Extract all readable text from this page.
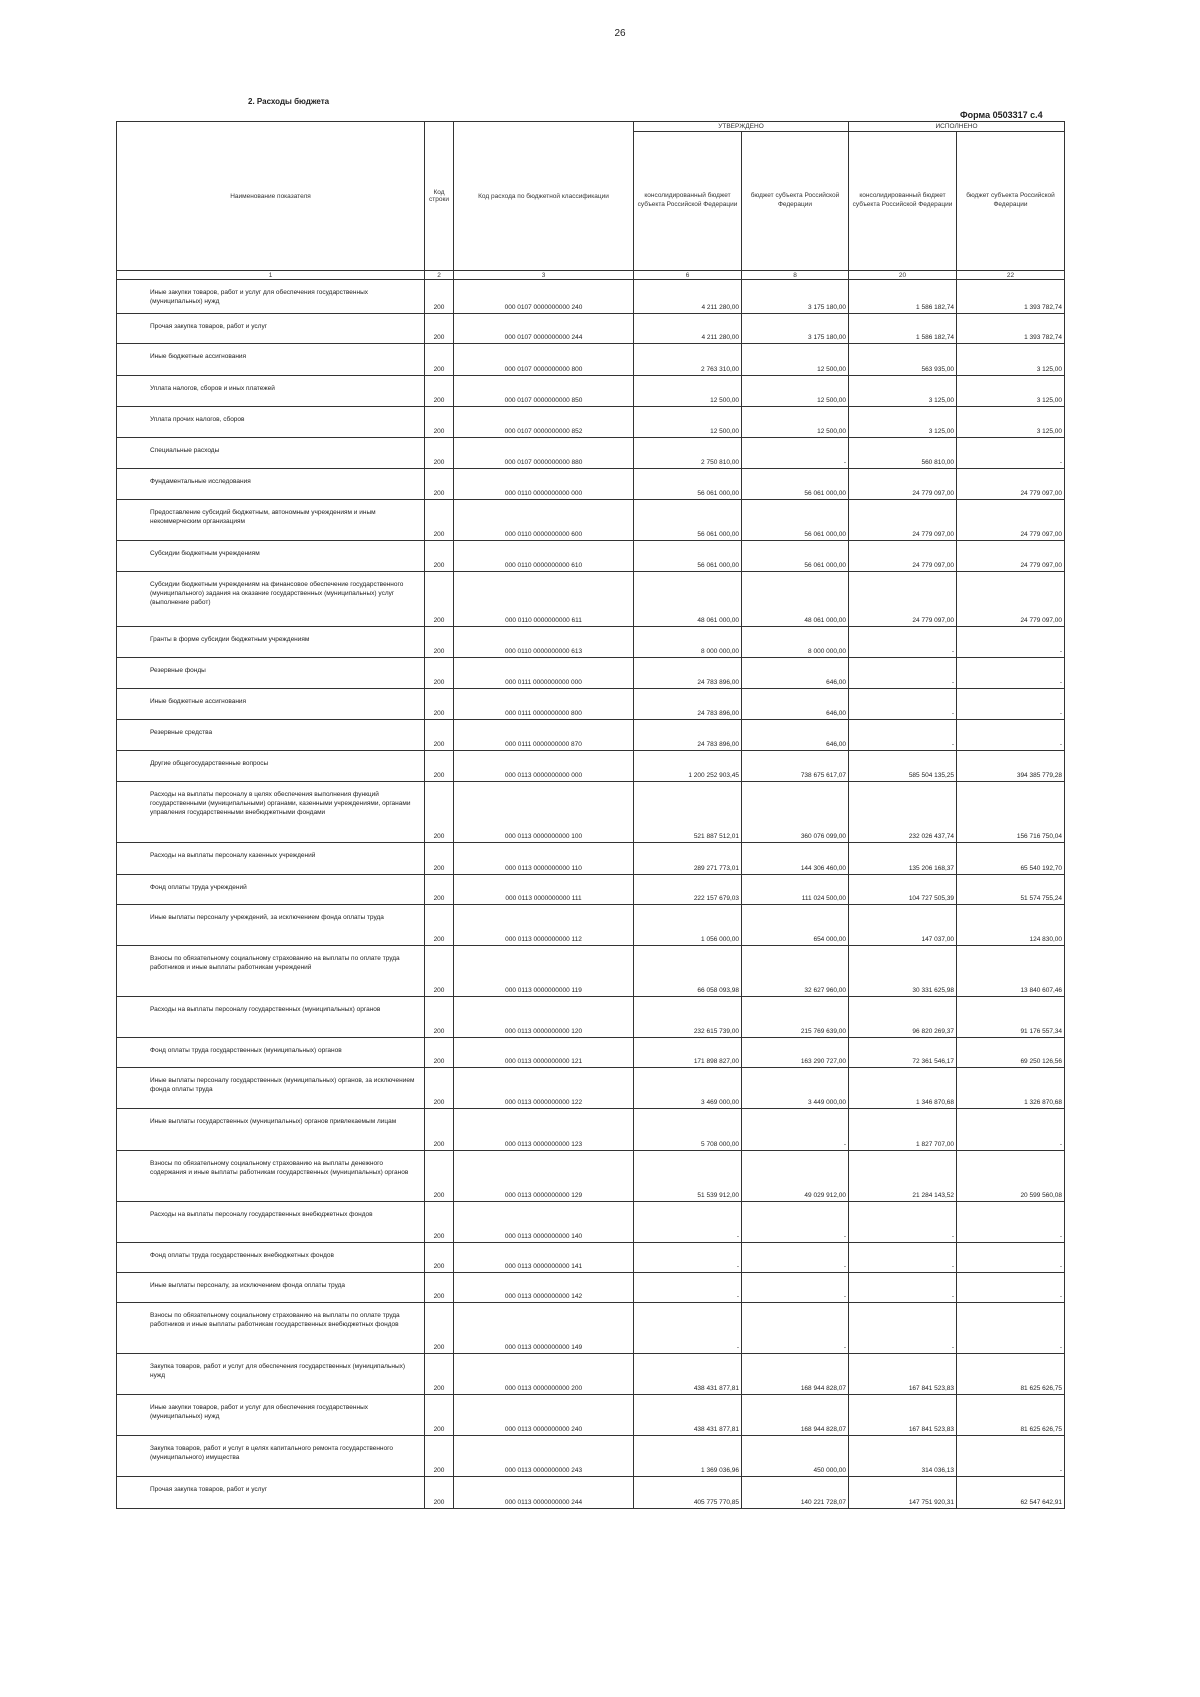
26
2. Расходы бюджета
Форма 0503317 с.4
Наименование показателя	Код строки	Код расхода по бюджетной классификации	УТВЕРЖДЕНО		ИСПОЛНЕНО	
			консолидированный бюджет субъекта Российской Федерации	бюджет субъекта Российской Федерации	консолидированный бюджет субъекта Российской Федерации	бюджет субъекта Российской Федерации
1	2	3	6	8	20	22
Иные закупки товаров, работ и услуг для обеспечения государственных (муниципальных) нужд	200	000 0107 0000000000 240	4 211 280,00	3 175 180,00	1 586 182,74	1 393 782,74
Прочая закупка товаров, работ и услуг	200	000 0107 0000000000 244	4 211 280,00	3 175 180,00	1 586 182,74	1 393 782,74
Иные бюджетные ассигнования	200	000 0107 0000000000 800	2 763 310,00	12 500,00	563 935,00	3 125,00
Уплата налогов, сборов и иных платежей	200	000 0107 0000000000 850	12 500,00	12 500,00	3 125,00	3 125,00
Уплата прочих налогов, сборов	200	000 0107 0000000000 852	12 500,00	12 500,00	3 125,00	3 125,00
Специальные расходы	200	000 0107 0000000000 880	2 750 810,00	-	560 810,00	-
Фундаментальные исследования	200	000 0110 0000000000 000	56 061 000,00	56 061 000,00	24 779 097,00	24 779 097,00
Предоставление субсидий бюджетным, автономным учреждениям и иным некоммерческим организациям	200	000 0110 0000000000 600	56 061 000,00	56 061 000,00	24 779 097,00	24 779 097,00
Субсидии бюджетным учреждениям	200	000 0110 0000000000 610	56 061 000,00	56 061 000,00	24 779 097,00	24 779 097,00
Субсидии бюджетным учреждениям на финансовое обеспечение государственного (муниципального) задания на оказание государственных (муниципальных) услуг (выполнение работ)	200	000 0110 0000000000 611	48 061 000,00	48 061 000,00	24 779 097,00	24 779 097,00
Гранты в форме субсидии бюджетным учреждениям	200	000 0110 0000000000 613	8 000 000,00	8 000 000,00	-	-
Резервные фонды	200	000 0111 0000000000 000	24 783 896,00	646,00	-	-
Иные бюджетные ассигнования	200	000 0111 0000000000 800	24 783 896,00	646,00	-	-
Резервные средства	200	000 0111 0000000000 870	24 783 896,00	646,00	-	-
Другие общегосударственные вопросы	200	000 0113 0000000000 000	1 200 252 903,45	738 675 617,07	585 504 135,25	394 385 779,28
Расходы на выплаты персоналу в целях обеспечения выполнения функций государственными (муниципальными) органами, казенными учреждениями, органами управления государственными внебюджетными фондами	200	000 0113 0000000000 100	521 887 512,01	360 076 099,00	232 026 437,74	156 716 750,04
Расходы на выплаты персоналу казенных учреждений	200	000 0113 0000000000 110	289 271 773,01	144 306 460,00	135 206 168,37	65 540 192,70
Фонд оплаты труда учреждений	200	000 0113 0000000000 111	222 157 679,03	111 024 500,00	104 727 505,39	51 574 755,24
Иные выплаты персоналу учреждений, за исключением фонда оплаты труда	200	000 0113 0000000000 112	1 056 000,00	654 000,00	147 037,00	124 830,00
Взносы по обязательному социальному страхованию на выплаты по оплате труда работников и иные выплаты работникам учреждений	200	000 0113 0000000000 119	66 058 093,98	32 627 960,00	30 331 625,98	13 840 607,46
Расходы на выплаты персоналу государственных (муниципальных) органов	200	000 0113 0000000000 120	232 615 739,00	215 769 639,00	96 820 269,37	91 176 557,34
Фонд оплаты труда государственных (муниципальных) органов	200	000 0113 0000000000 121	171 898 827,00	163 290 727,00	72 361 546,17	69 250 126,56
Иные выплаты персоналу государственных (муниципальных) органов, за исключением фонда оплаты труда	200	000 0113 0000000000 122	3 469 000,00	3 449 000,00	1 346 870,68	1 326 870,68
Иные выплаты государственных (муниципальных) органов привлекаемым лицам	200	000 0113 0000000000 123	5 708 000,00	-	1 827 707,00	-
Взносы по обязательному социальному страхованию на выплаты денежного содержания и иные выплаты работникам государственных (муниципальных) органов	200	000 0113 0000000000 129	51 539 912,00	49 029 912,00	21 284 143,52	20 599 560,08
Расходы на выплаты персоналу государственных внебюджетных фондов	200	000 0113 0000000000 140	-	-	-	-
Фонд оплаты труда государственных внебюджетных фондов	200	000 0113 0000000000 141	-	-	-	-
Иные выплаты персоналу, за исключением фонда оплаты труда	200	000 0113 0000000000 142	-	-	-	-
Взносы по обязательному социальному страхованию на выплаты по оплате труда работников и иные выплаты работникам государственных внебюджетных фондов	200	000 0113 0000000000 149	-	-	-	-
Закупка товаров, работ и услуг для обеспечения государственных (муниципальных) нужд	200	000 0113 0000000000 200	438 431 877,81	168 944 828,07	167 841 523,83	81 625 626,75
Иные закупки товаров, работ и услуг для обеспечения государственных (муниципальных) нужд	200	000 0113 0000000000 240	438 431 877,81	168 944 828,07	167 841 523,83	81 625 626,75
Закупка товаров, работ и услуг в целях капитального ремонта государственного (муниципального) имущества	200	000 0113 0000000000 243	1 369 036,96	450 000,00	314 036,13	-
Прочая закупка товаров, работ и услуг	200	000 0113 0000000000 244	405 775 770,85	140 221 728,07	147 751 920,31	62 547 642,91
